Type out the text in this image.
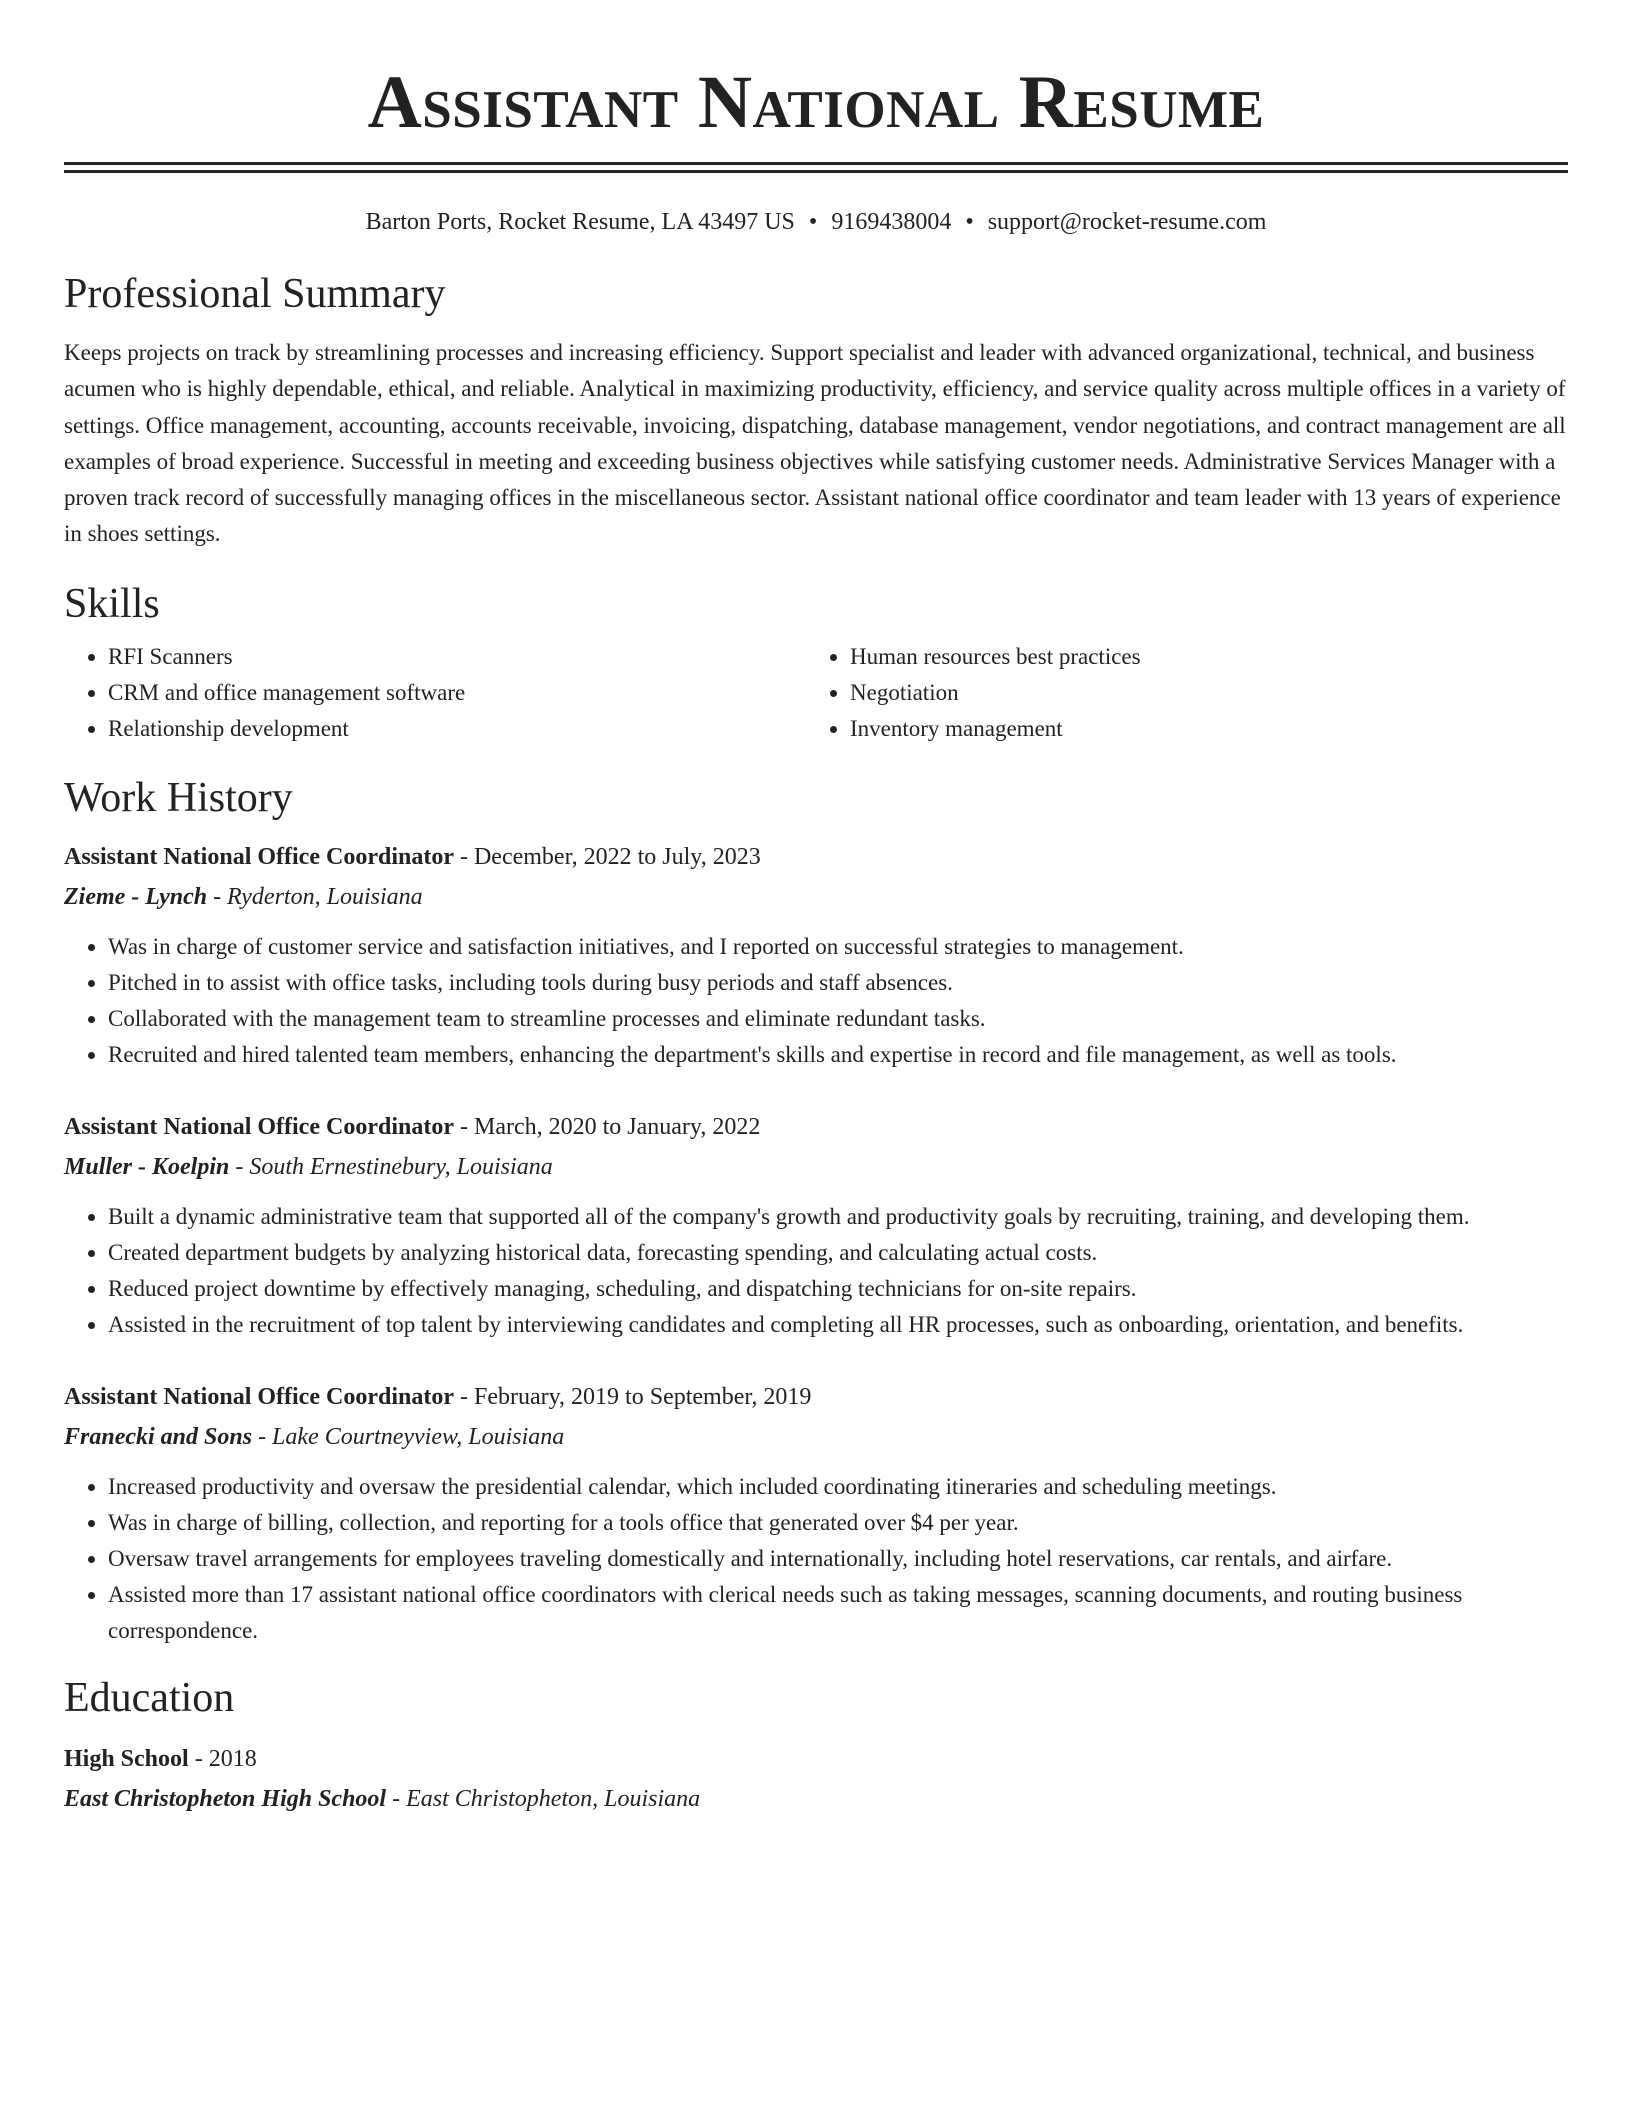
Assistant National Resume
Barton Ports, Rocket Resume, LA 43497 US • 9169438004 • support@rocket-resume.com
Professional Summary

Keeps projects on track by streamlining processes and increasing efficiency. Support specialist and leader with advanced organizational, technical, and business acumen who is highly dependable, ethical, and reliable. Analytical in maximizing productivity, efficiency, and service quality across multiple offices in a variety of settings. Office management, accounting, accounts receivable, invoicing, dispatching, database management, vendor negotiations, and contract management are all examples of broad experience. Successful in meeting and exceeding business objectives while satisfying customer needs. Administrative Services Manager with a proven track record of successfully managing offices in the miscellaneous sector. Assistant national office coordinator and team leader with 13 years of experience in shoes settings.

Skills
• RFI Scanners
• CRM and office management software
• Relationship development
• Human resources best practices
• Negotiation
• Inventory management
Work History
Assistant National Office Coordinator - December, 2022 to July, 2023
Zieme - Lynch - Ryderton, Louisiana
• Was in charge of customer service and satisfaction initiatives, and I reported on successful strategies to management.
• Pitched in to assist with office tasks, including tools during busy periods and staff absences.
• Collaborated with the management team to streamline processes and eliminate redundant tasks.
• Recruited and hired talented team members, enhancing the department's skills and expertise in record and file management, as well as tools.
Assistant National Office Coordinator - March, 2020 to January, 2022
Muller - Koelpin - South Ernestinebury, Louisiana
• Built a dynamic administrative team that supported all of the company's growth and productivity goals by recruiting, training, and developing them.
• Created department budgets by analyzing historical data, forecasting spending, and calculating actual costs.
• Reduced project downtime by effectively managing, scheduling, and dispatching technicians for on-site repairs.
• Assisted in the recruitment of top talent by interviewing candidates and completing all HR processes, such as onboarding, orientation, and benefits.
Assistant National Office Coordinator - February, 2019 to September, 2019
Franecki and Sons - Lake Courtneyview, Louisiana
• Increased productivity and oversaw the presidential calendar, which included coordinating itineraries and scheduling meetings.
• Was in charge of billing, collection, and reporting for a tools office that generated over $4 per year.
• Oversaw travel arrangements for employees traveling domestically and internationally, including hotel reservations, car rentals, and airfare.
• Assisted more than 17 assistant national office coordinators with clerical needs such as taking messages, scanning documents, and routing business correspondence.
Education
High School - 2018
East Christopheton High School - East Christopheton, Louisiana
